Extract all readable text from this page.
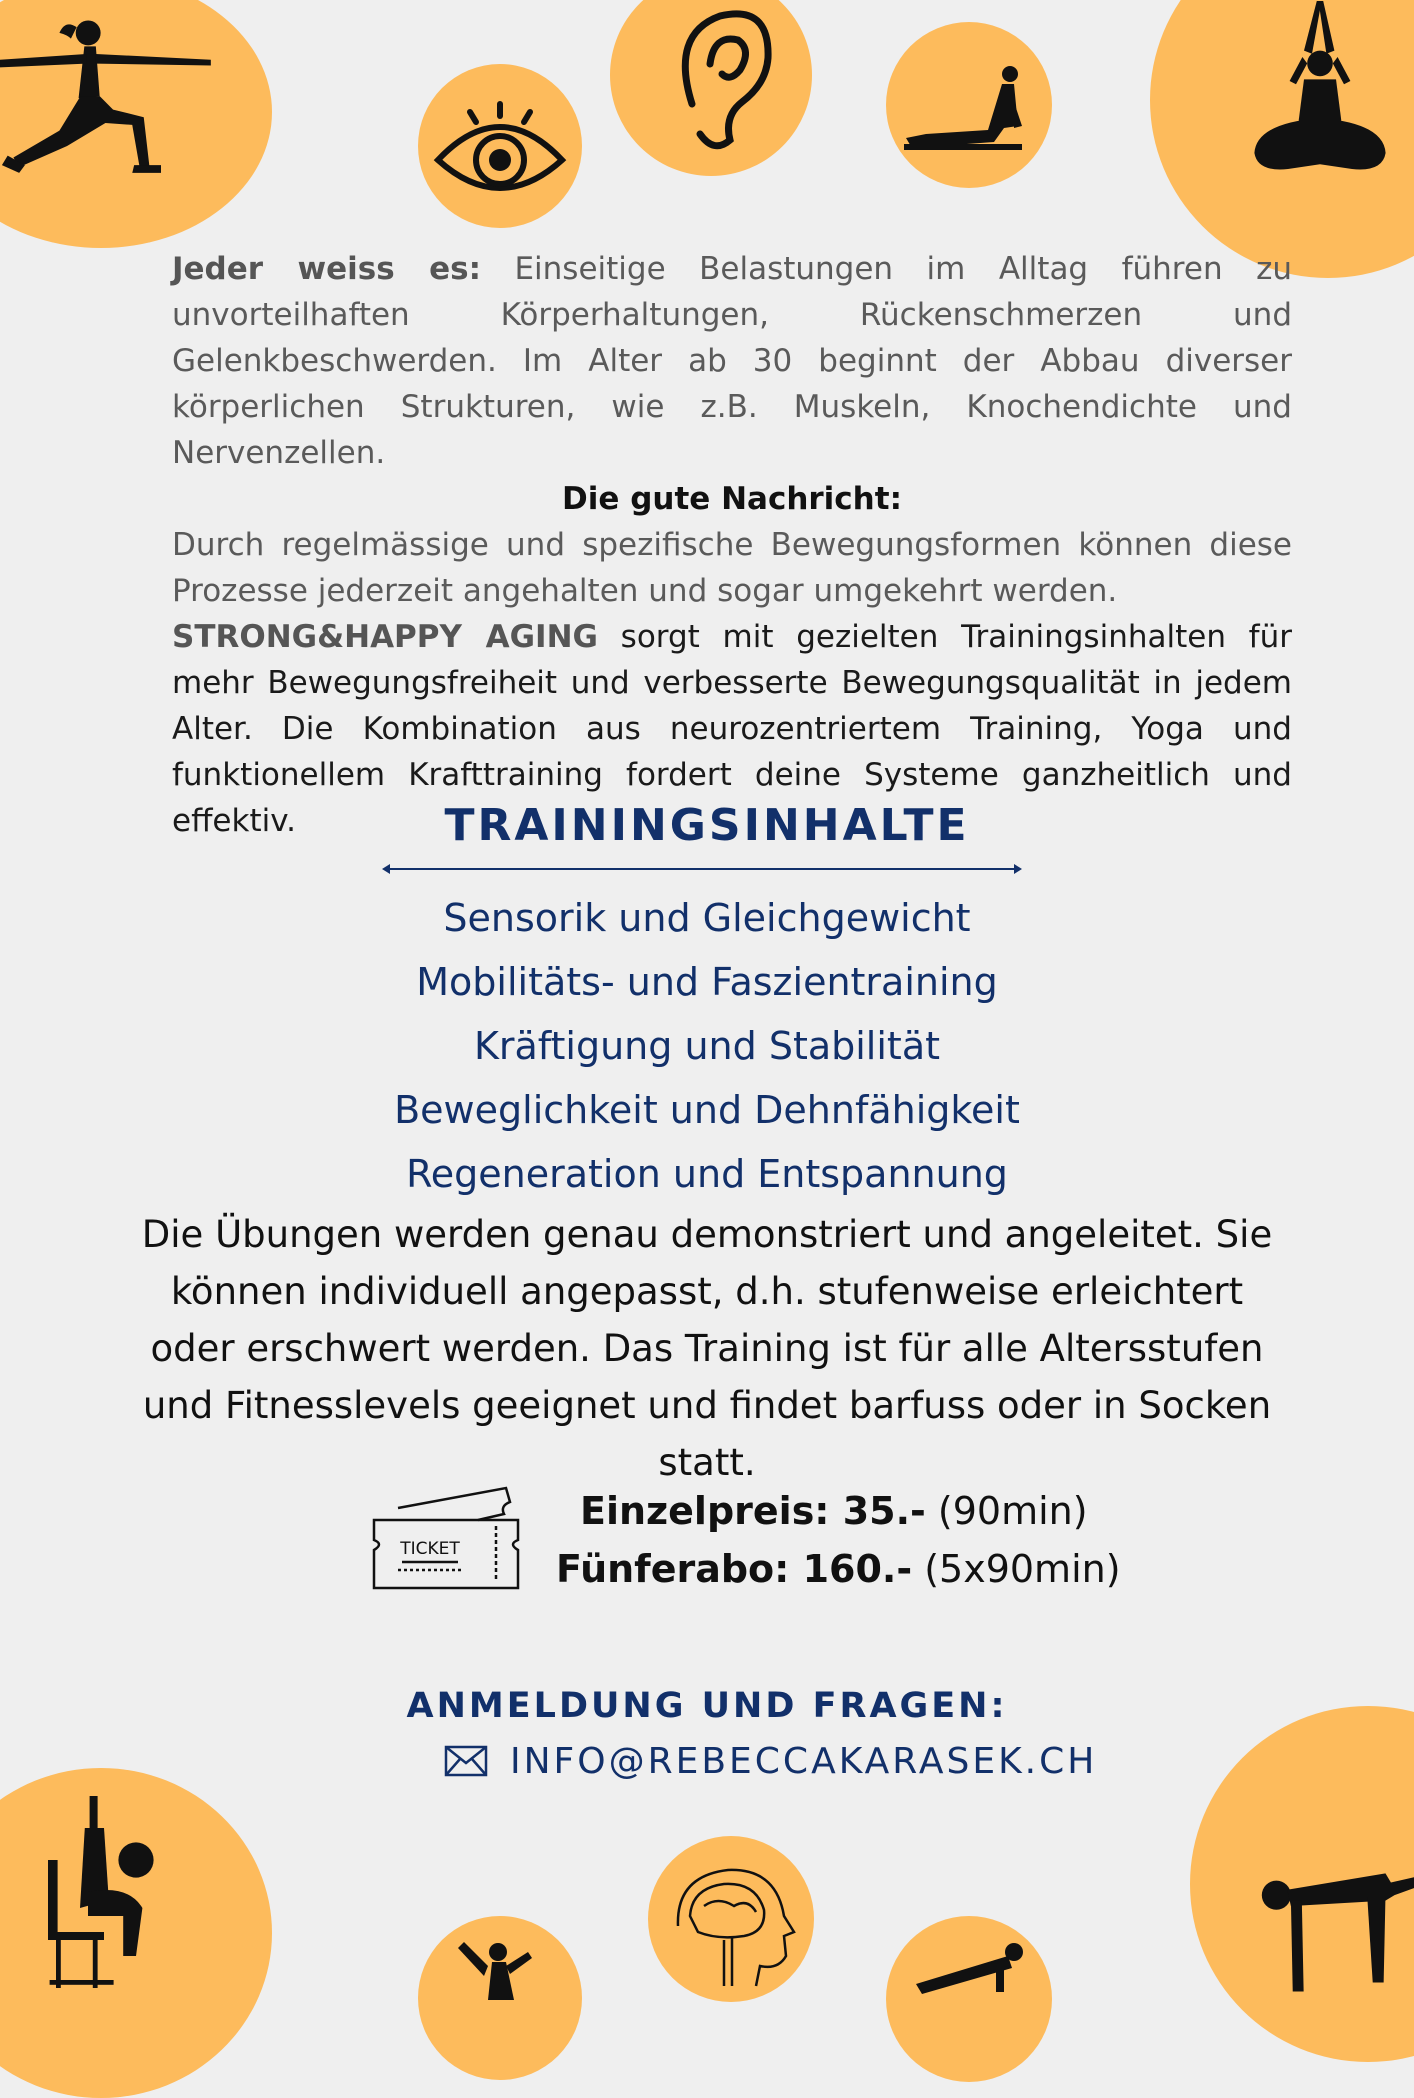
Jeder weiss es: Einseitige Belastungen im Alltag führen zu unvorteilhaften Körperhaltungen, Rückenschmerzen und Gelenkbeschwerden. Im Alter ab 30 beginnt der Abbau diverser körperlichen Strukturen, wie z.B. Muskeln, Knochendichte und Nervenzellen.
Die gute Nachricht:
Durch regelmässige und spezifische Bewegungsformen können diese Prozesse jederzeit angehalten und sogar umgekehrt werden.
STRONG&HAPPY AGING sorgt mit gezielten Trainingsinhalten für mehr Bewegungsfreiheit und verbesserte Bewegungsqualität in jedem Alter. Die Kombination aus neurozentriertem Training, Yoga und funktionellem Krafttraining fordert deine Systeme ganzheitlich und effektiv.	TRAININGSINHALTE
Sensorik und Gleichgewicht
Mobilitäts- und Faszientraining
Kräftigung und Stabilität
Beweglichkeit und Dehnfähigkeit
Regeneration und Entspannung
Die Übungen werden genau demonstriert und angeleitet. Sie können individuell angepasst, d.h. stufenweise erleichtert oder erschwert werden. Das Training ist für alle Altersstufen und Fitnesslevels geeignet und findet barfuss oder in Socken statt.
TICKET
Einzelpreis: 35.- (90min)
Fünferabo: 160.- (5x90min)
ANMELDUNG UND FRAGEN:
INFO@REBECCAKARASEK.CH
